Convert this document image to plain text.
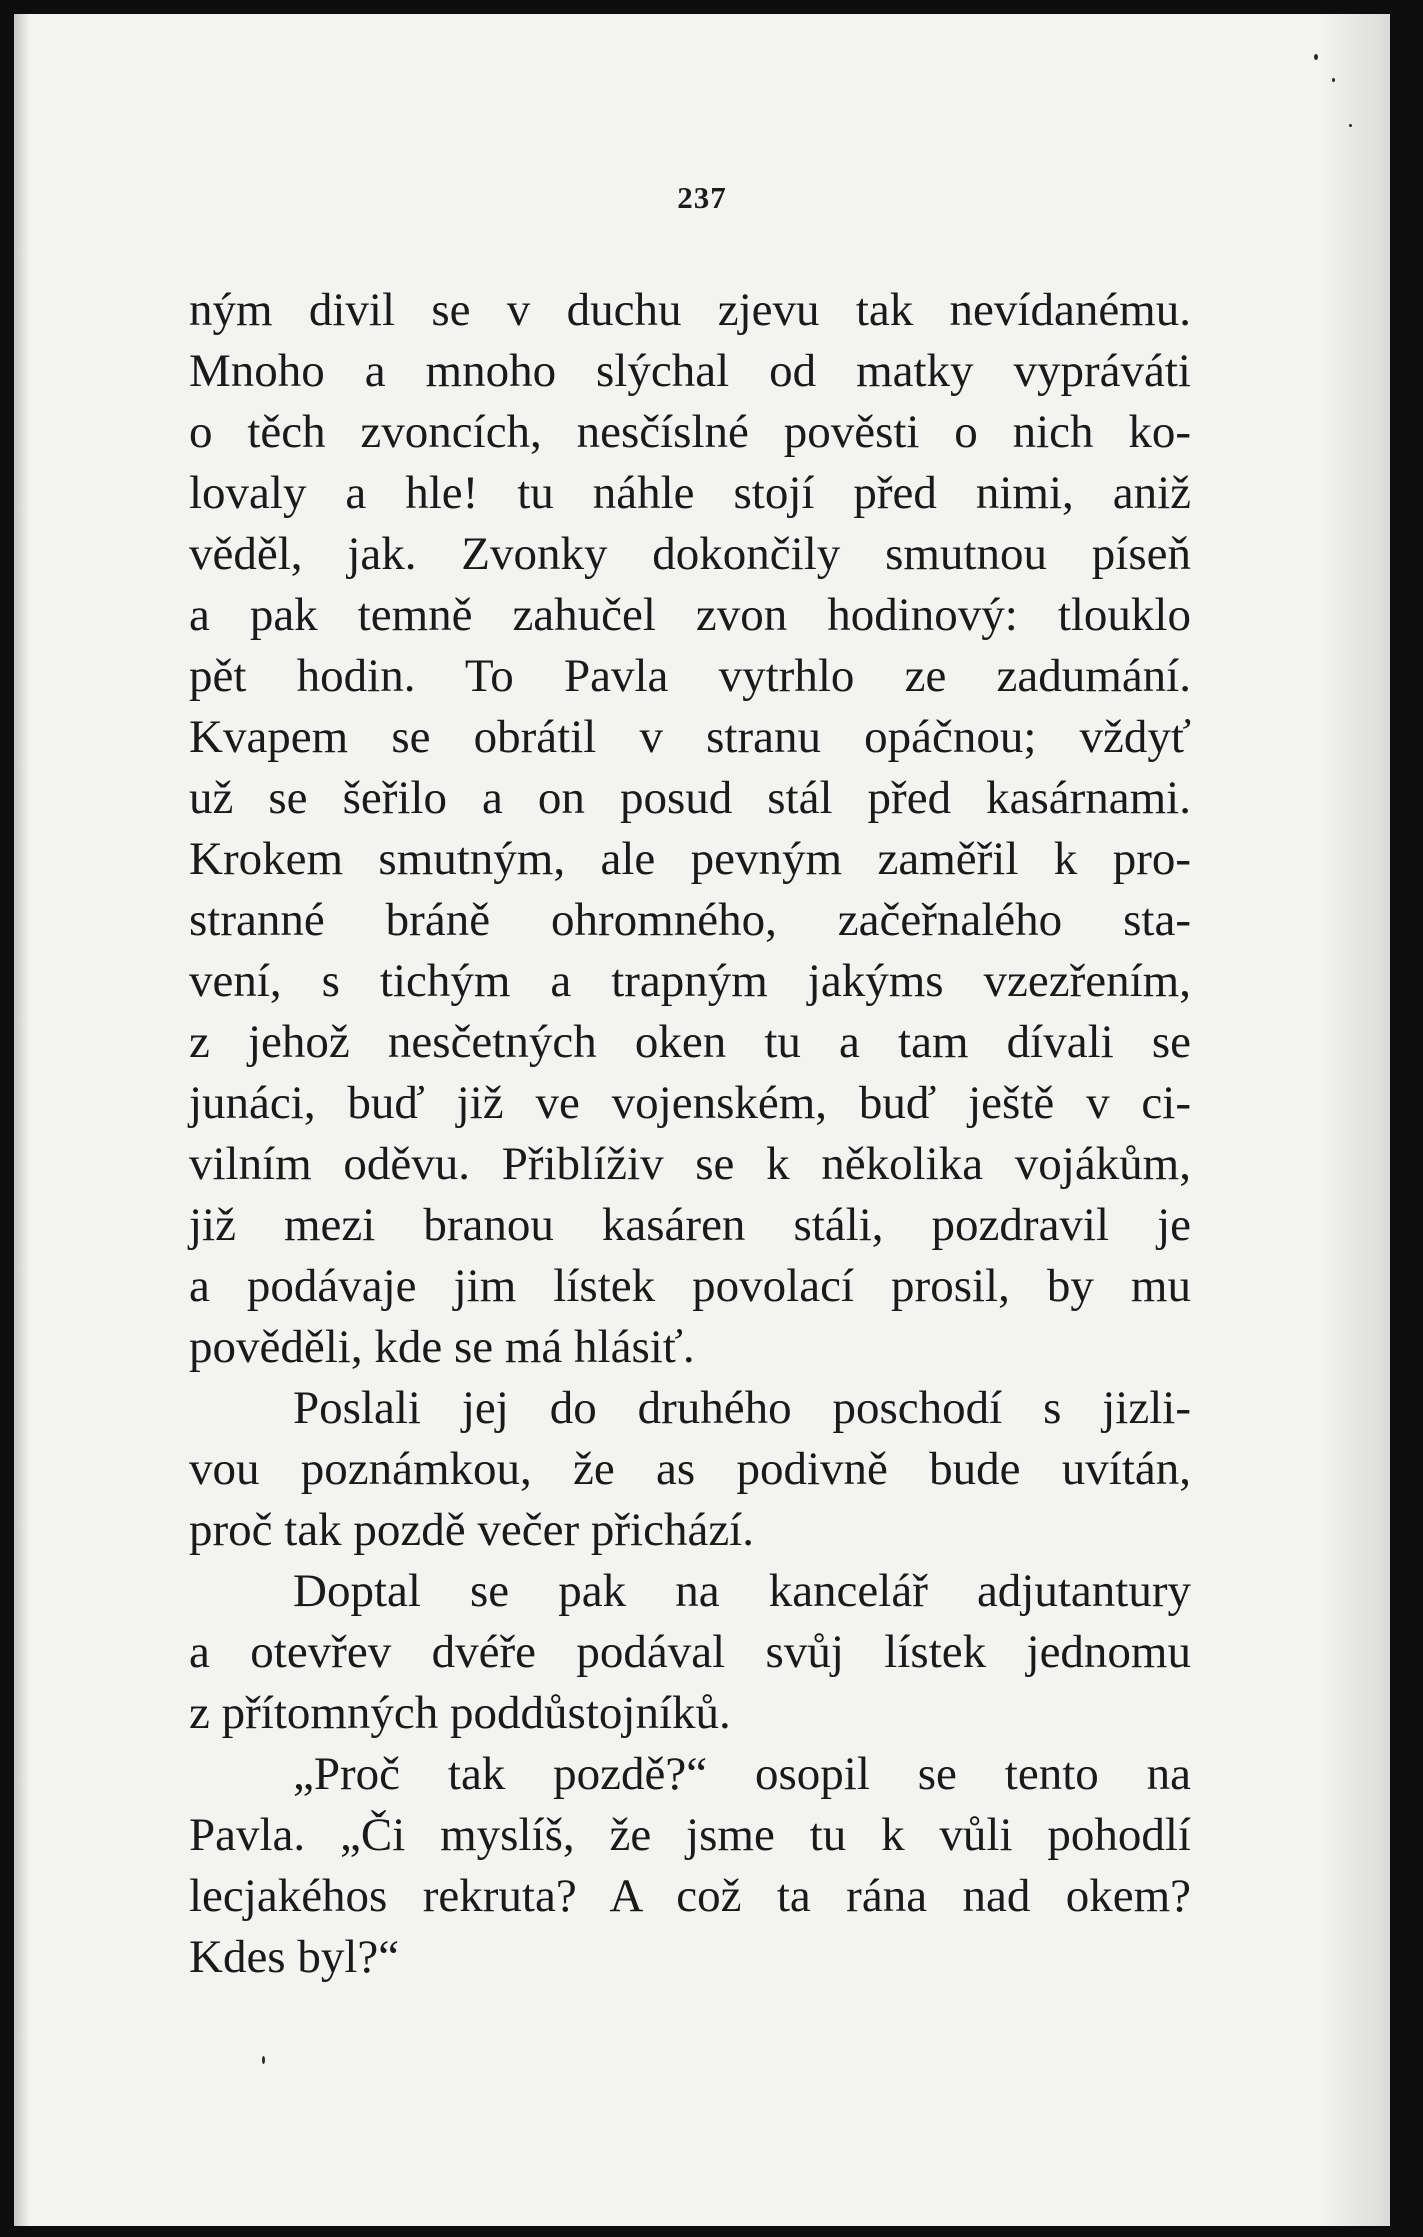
237
ným divil se v duchu zjevu tak nevídanému.
Mnoho a mnoho slýchal od matky vypráváti
o těch zvoncích, nesčíslné pověsti o nich ko-
lovaly a hle! tu náhle stojí před nimi, aniž
věděl, jak. Zvonky dokončily smutnou píseň
a pak temně zahučel zvon hodinový: tlouklo
pět hodin. To Pavla vytrhlo ze zadumání.
Kvapem se obrátil v stranu opáčnou; vždyť
už se šeřilo a on posud stál před kasárnami.
Krokem smutným, ale pevným zaměřil k pro-
stranné bráně ohromného, začeřnalého sta-
vení, s tichým a trapným jakýms vzezřením,
z jehož nesčetných oken tu a tam dívali se
junáci, buď již ve vojenském, buď ještě v ci-
vilním oděvu. Přiblíživ se k několika vojákům,
již mezi branou kasáren stáli, pozdravil je
a podávaje jim lístek povolací prosil, by mu
pověděli, kde se má hlásiť.
Poslali jej do druhého poschodí s jizli-
vou poznámkou, že as podivně bude uvítán,
proč tak pozdě večer přichází.
Doptal se pak na kancelář adjutantury
a otevřev dvéře podával svůj lístek jednomu
z přítomných poddůstojníků.
„Proč tak pozdě?“ osopil se tento na
Pavla. „Či myslíš, že jsme tu k vůli pohodlí
lecjakéhos rekruta? A což ta rána nad okem?
Kdes byl?“
